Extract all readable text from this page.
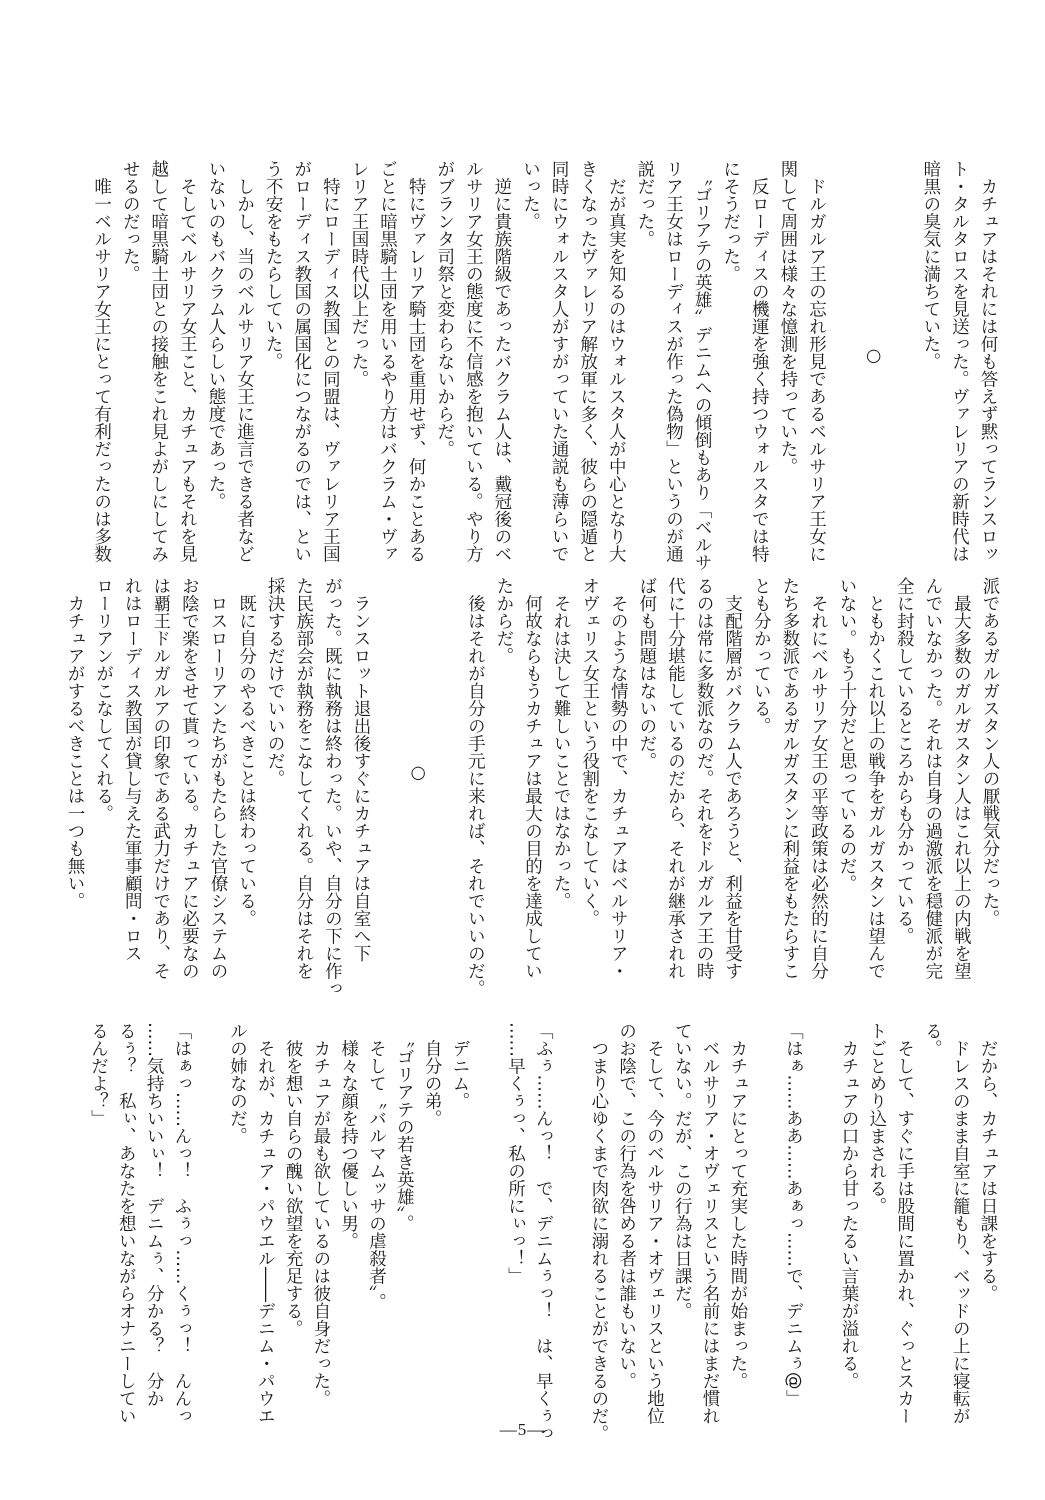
　カチュアはそれには何も答えず黙ってランスロッ
ト・タルタロスを見送った。ヴァレリアの新時代は
暗黒の臭気に満ちていた。

○

　ドルガルア王の忘れ形見であるベルサリア王女に
関して周囲は様々な憶測を持っていた。
　反ローディスの機運を強く持つウォルスタでは特
にそうだった。
　〝ゴリアテの英雄〟デニムへの傾倒もあり「ベルサ
リア王女はローディスが作った偽物」というのが通
説だった。
　だが真実を知るのはウォルスタ人が中心となり大
きくなったヴァレリア解放軍に多く、彼らの隠遁と
同時にウォルスタ人がすがっていた通説も薄らいで
いった。
　逆に貴族階級であったバクラム人は、戴冠後のベ
ルサリア女王の態度に不信感を抱いている。やり方
がブランタ司祭と変わらないからだ。
　特にヴァレリア騎士団を重用せず、何かことある
ごとに暗黒騎士団を用いるやり方はバクラム・ヴァ
レリア王国時代以上だった。
　特にローディス教国との同盟は、ヴァレリア王国
がローディス教国の属国化につながるのでは、とい
う不安をもたらしていた。
　しかし、当のベルサリア女王に進言できる者など
いないのもバクラム人らしい態度であった。
　そしてベルサリア女王こと、カチュアもそれを見
越して暗黒騎士団との接触をこれ見よがしにしてみ
せるのだった。
　唯一ベルサリア女王にとって有利だったのは多数
派であるガルガスタン人の厭戦気分だった。
　最大多数のガルガスタン人はこれ以上の内戦を望
んでいなかった。それは自身の過激派を穏健派が完
全に封殺しているところからも分かっている。
　ともかくこれ以上の戦争をガルガスタンは望んで
いない。もう十分だと思っているのだ。
　それにベルサリア女王の平等政策は必然的に自分
たち多数派であるガルガスタンに利益をもたらすこ
とも分かっている。
　支配階層がバクラム人であろうと、利益を甘受す
るのは常に多数派なのだ。それをドルガルア王の時
代に十分堪能しているのだから、それが継承されれ
ば何も問題はないのだ。
　そのような情勢の中で、カチュアはベルサリア・
オヴェリス女王という役割をこなしていく。
　それは決して難しいことではなかった。
　何故ならもうカチュアは最大の目的を達成してい
たからだ。
　後はそれが自分の手元に来れば、それでいいのだ。

○

　ランスロット退出後すぐにカチュアは自室へ下
がった。既に執務は終わった。いや、自分の下に作っ
た民族部会が執務をこなしてくれる。自分はそれを
採決するだけでいいのだ。
　既に自分のやるべきことは終わっている。
　ロスローリアンたちがもたらした官僚システムの
お陰で楽をさせて貰っている。カチュアに必要なの
は覇王ドルガルアの印象である武力だけであり、そ
れはローディス教国が貸し与えた軍事顧問・ロス
ローリアンがこなしてくれる。
　カチュアがするべきことは一つも無い。
　だから、カチュアは日課をする。
　ドレスのまま自室に籠もり、ベッドの上に寝転が
る。
　そして、すぐに手は股間に置かれ、ぐっとスカー
トごとめり込まされる。
　カチュアの口から甘ったるい言葉が溢れる。

「はぁ……ああ……あぁっ……で、デニムぅ@」

　カチュアにとって充実した時間が始まった。
　ベルサリア・オヴェリスという名前にはまだ慣れ
ていない。だが、この行為は日課だ。
　そして、今のベルサリア・オヴェリスという地位
のお陰で、この行為を咎める者は誰もいない。
　つまり心ゆくまで肉欲に溺れることができるのだ。

「ふぅ……んっ！　で、デニムぅっ！　は、早くぅっ
……早くぅっ、私の所にぃっ！」

　デニム。
　自分の弟。
　〝ゴリアテの若き英雄〟。
　そして〝バルマムッサの虐殺者〟。
　様々な顔を持つ優しい男。
　カチュアが最も欲しているのは彼自身だった。
　彼を想い自らの醜い欲望を充足する。
　それが、カチュア・パウエル――デニム・パウエ
ルの姉なのだ。

「はぁっ……んっ！　ふぅっ……くぅっ！　んんっ
……気持ちいいぃ！　デニムぅ、分かる？　分か
るぅ？　私ぃ、あなたを想いながらオナニーしてい
るんだよ？」
―5―
